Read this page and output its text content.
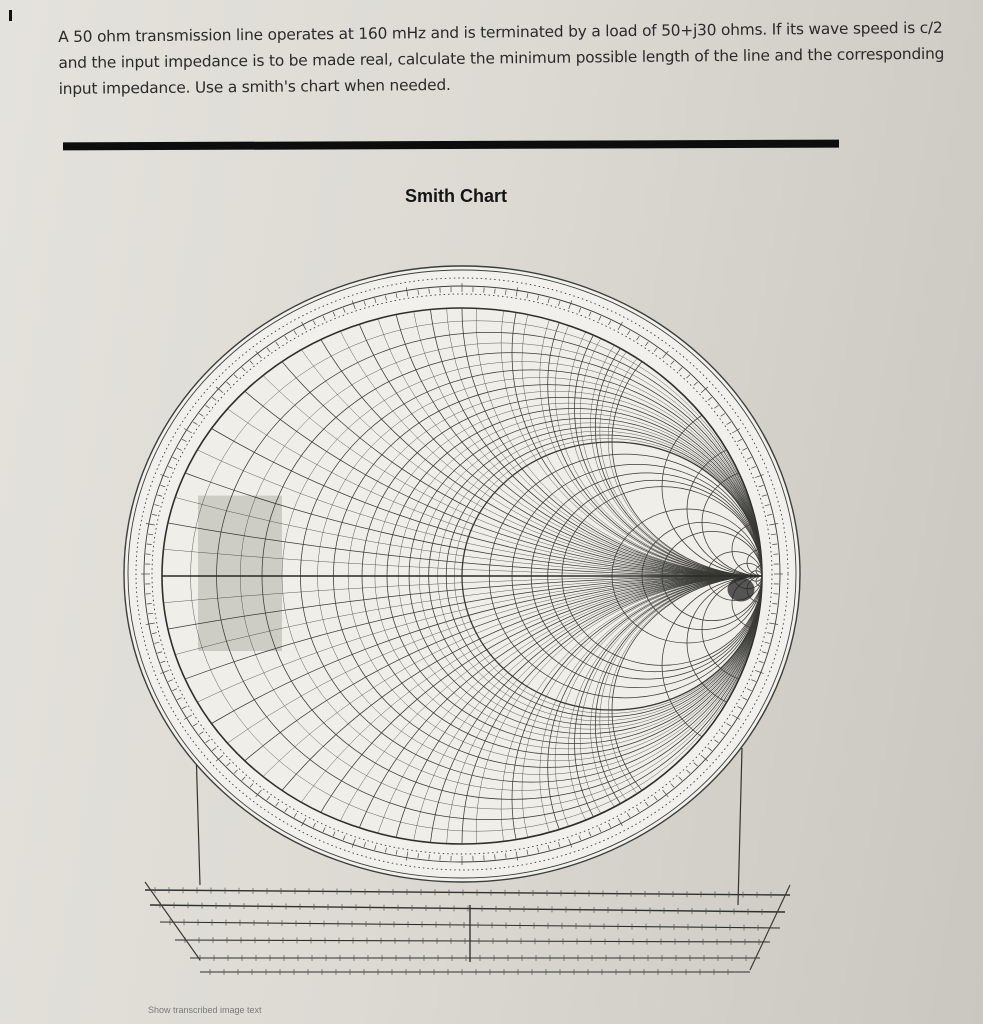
A 50 ohm transmission line operates at 160 mHz and is terminated by a load of 50+j30 ohms. If its wave speed is c/2 and the input impedance is to be made real, calculate the minimum possible length of the line and the corresponding input impedance. Use a smith's chart when needed.
Smith Chart
Show transcribed image text
